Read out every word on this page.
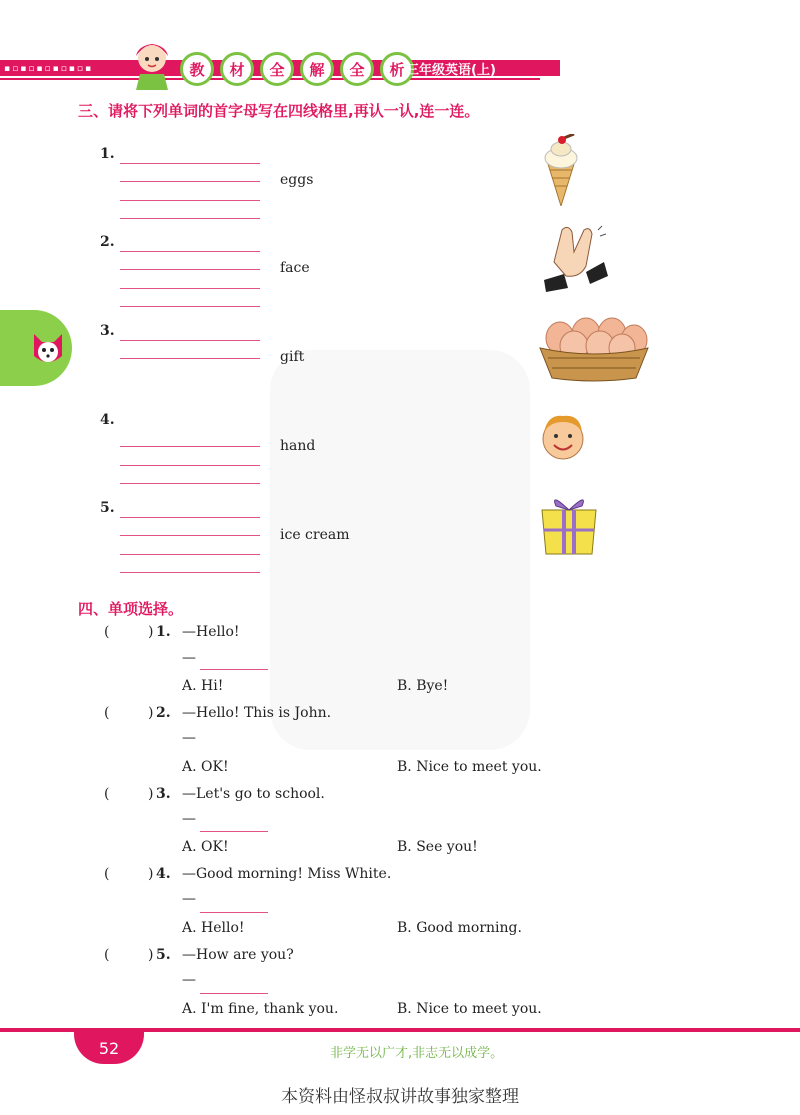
▪▫▪▫▪▫▪▫▪▫▪	教	材	全	解	全	析 三年级英语(上)
三、请将下列单词的首字母写在四线格里,再认一认,连一连。
1.
eggs
2.
face
3.
gift
4.
hand
5.
ice cream
四、单项选择。
(	) 1. —Hello!
—
A. Hi!	B. Bye!
(	) 2. —Hello! This is John.
—
A. OK!	B. Nice to meet you.
(	) 3. —Let's go to school.
—
A. OK!	B. See you!
(	) 4. —Good morning! Miss White.
—
A. Hello!	B. Good morning.
(	) 5. —How are you?
—
A. I'm fine, thank you.	B. Nice to meet you.
52	非学无以广才,非志无以成学。
本资料由怪叔叔讲故事独家整理
